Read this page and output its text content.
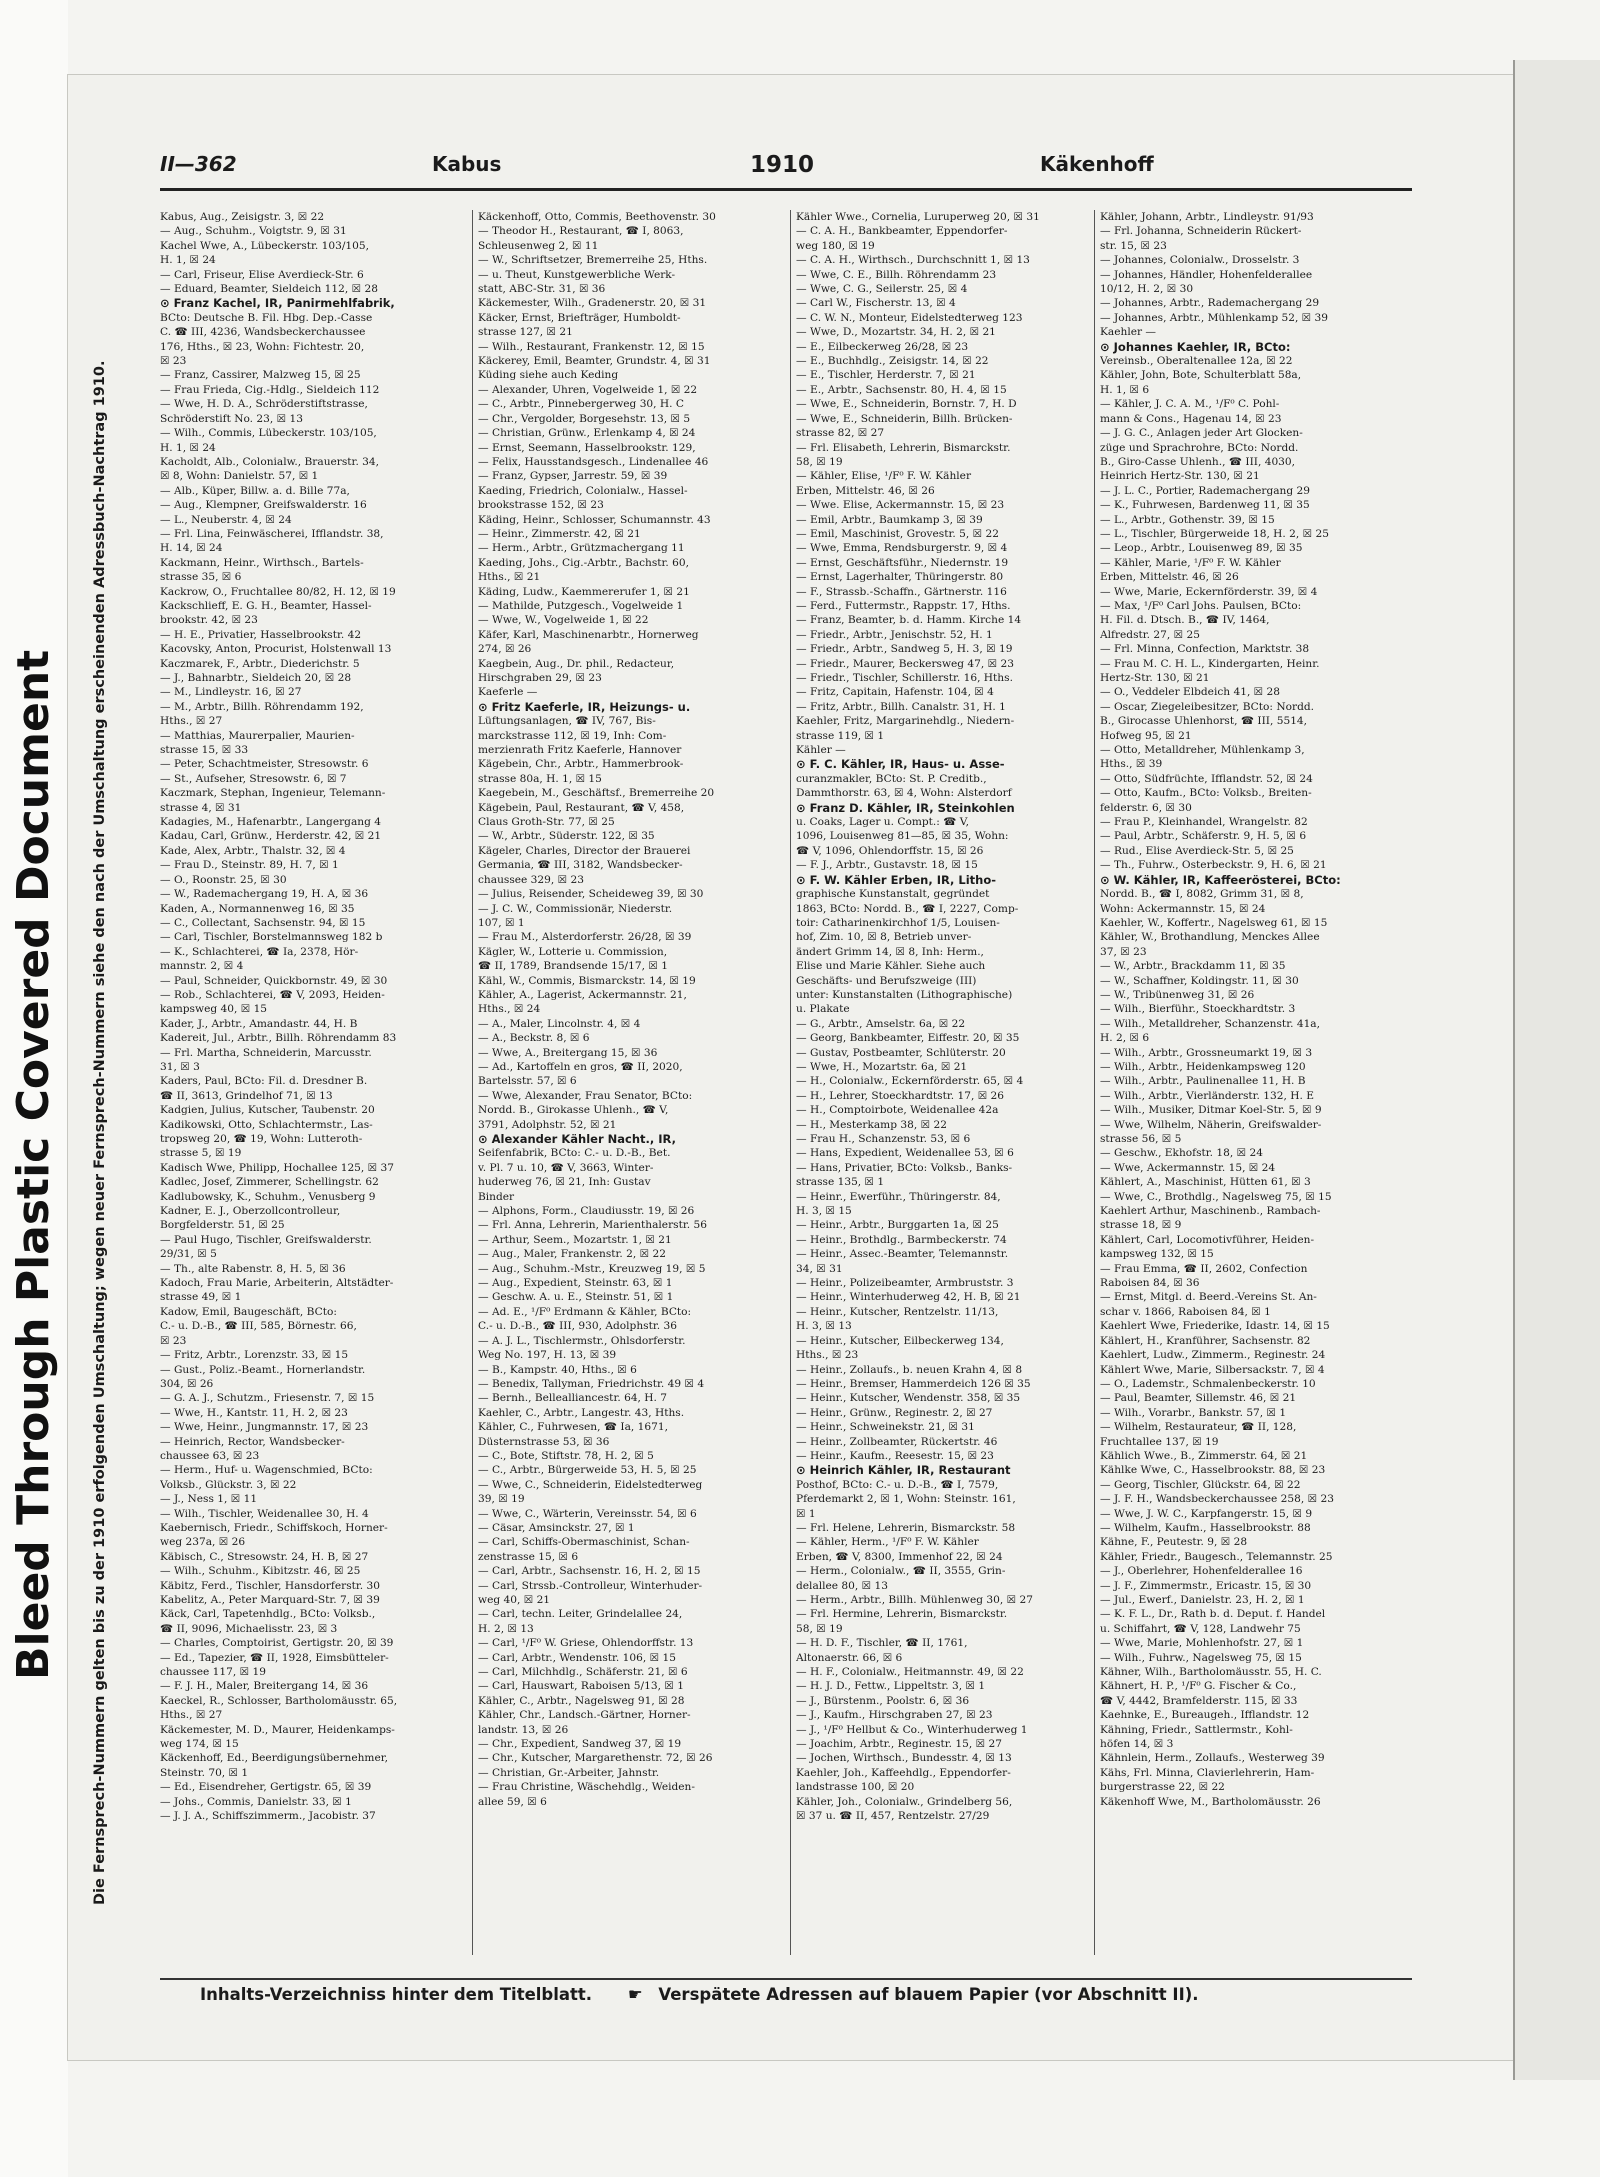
Bleed Through Plastic Covered Document Die Fernsprech-Nummern gelten bis zu der 1910 erfolgenden Umschaltung; wegen neuer Fernsprech-Nummern siehe den nach der Umschaltung erscheinenden Adressbuch-Nachtrag 1910.
II—362	Kabus	1910	Käkenhoff
Kabus, Aug., Zeisigstr. 3, ☒ 22
— Aug., Schuhm., Voigtstr. 9, ☒ 31
Kachel Wwe, A., Lübeckerstr. 103/105,
H. 1, ☒ 24
— Carl, Friseur, Elise Averdieck-Str. 6
— Eduard, Beamter, Sieldeich 112, ☒ 28
⊙ Franz Kachel, IR, Panirmehlfabrik,
BCto: Deutsche B. Fil. Hbg. Dep.-Casse
C. ☎ III, 4236, Wandsbeckerchaussee
176, Hths., ☒ 23, Wohn: Fichtestr. 20,
☒ 23
— Franz, Cassirer, Malzweg 15, ☒ 25
— Frau Frieda, Cig.-Hdlg., Sieldeich 112
— Wwe, H. D. A., Schröderstiftstrasse,
Schröderstift No. 23, ☒ 13
— Wilh., Commis, Lübeckerstr. 103/105,
H. 1, ☒ 24
Kacholdt, Alb., Colonialw., Brauerstr. 34,
☒ 8, Wohn: Danielstr. 57, ☒ 1
— Alb., Küper, Billw. a. d. Bille 77a,
— Aug., Klempner, Greifswalderstr. 16
— L., Neuberstr. 4, ☒ 24
— Frl. Lina, Feinwäscherei, Ifflandstr. 38,
H. 14, ☒ 24
Kackmann, Heinr., Wirthsch., Bartels-
strasse 35, ☒ 6
Kackrow, O., Fruchtallee 80/82, H. 12, ☒ 19
Kackschlieff, E. G. H., Beamter, Hassel-
brookstr. 42, ☒ 23
— H. E., Privatier, Hasselbrookstr. 42
Kacovsky, Anton, Procurist, Holstenwall 13
Kaczmarek, F., Arbtr., Diederichstr. 5
— J., Bahnarbtr., Sieldeich 20, ☒ 28
— M., Lindleystr. 16, ☒ 27
— M., Arbtr., Billh. Röhrendamm 192,
Hths., ☒ 27
— Matthias, Maurerpalier, Maurien-
strasse 15, ☒ 33
— Peter, Schachtmeister, Stresowstr. 6
— St., Aufseher, Stresowstr. 6, ☒ 7
Kaczmark, Stephan, Ingenieur, Telemann-
strasse 4, ☒ 31
Kadagies, M., Hafenarbtr., Langergang 4
Kadau, Carl, Grünw., Herderstr. 42, ☒ 21
Kade, Alex, Arbtr., Thalstr. 32, ☒ 4
— Frau D., Steinstr. 89, H. 7, ☒ 1
— O., Roonstr. 25, ☒ 30
— W., Rademachergang 19, H. A, ☒ 36
Kaden, A., Normannenweg 16, ☒ 35
— C., Collectant, Sachsenstr. 94, ☒ 15
— Carl, Tischler, Borstelmannsweg 182 b
— K., Schlachterei, ☎ Ia, 2378, Hör-
mannstr. 2, ☒ 4
— Paul, Schneider, Quickbornstr. 49, ☒ 30
— Rob., Schlachterei, ☎ V, 2093, Heiden-
kampsweg 40, ☒ 15
Kader, J., Arbtr., Amandastr. 44, H. B
Kadereit, Jul., Arbtr., Billh. Röhrendamm 83
— Frl. Martha, Schneiderin, Marcusstr.
31, ☒ 3
Kaders, Paul, BCto: Fil. d. Dresdner B.
☎ II, 3613, Grindelhof 71, ☒ 13
Kadgien, Julius, Kutscher, Taubenstr. 20
Kadikowski, Otto, Schlachtermstr., Las-
tropsweg 20, ☎ 19, Wohn: Lutteroth-
strasse 5, ☒ 19
Kadisch Wwe, Philipp, Hochallee 125, ☒ 37
Kadlec, Josef, Zimmerer, Schellingstr. 62
Kadlubowsky, K., Schuhm., Venusberg 9
Kadner, E. J., Oberzollcontrolleur,
Borgfelderstr. 51, ☒ 25
— Paul Hugo, Tischler, Greifswalderstr.
29/31, ☒ 5
— Th., alte Rabenstr. 8, H. 5, ☒ 36
Kadoch, Frau Marie, Arbeiterin, Altstädter-
strasse 49, ☒ 1
Kadow, Emil, Baugeschäft, BCto:
C.- u. D.-B., ☎ III, 585, Börnestr. 66,
☒ 23
— Fritz, Arbtr., Lorenzstr. 33, ☒ 15
— Gust., Poliz.-Beamt., Hornerlandstr.
304, ☒ 26
— G. A. J., Schutzm., Friesenstr. 7, ☒ 15
— Wwe, H., Kantstr. 11, H. 2, ☒ 23
— Wwe, Heinr., Jungmannstr. 17, ☒ 23
— Heinrich, Rector, Wandsbecker-
chaussee 63, ☒ 23
— Herm., Huf- u. Wagenschmied, BCto:
Volksb., Glückstr. 3, ☒ 22
— J., Ness 1, ☒ 11
— Wilh., Tischler, Weidenallee 30, H. 4
Kaebernisch, Friedr., Schiffskoch, Horner-
weg 237a, ☒ 26
Käbisch, C., Stresowstr. 24, H. B, ☒ 27
— Wilh., Schuhm., Kibitzstr. 46, ☒ 25
Käbitz, Ferd., Tischler, Hansdorferstr. 30
Kabelitz, A., Peter Marquard-Str. 7, ☒ 39
Käck, Carl, Tapetenhdlg., BCto: Volksb.,
☎ II, 9096, Michaelisstr. 23, ☒ 3
— Charles, Comptoirist, Gertigstr. 20, ☒ 39
— Ed., Tapezier, ☎ II, 1928, Eimsbütteler-
chaussee 117, ☒ 19
— F. J. H., Maler, Breitergang 14, ☒ 36
Kaeckel, R., Schlosser, Bartholomäusstr. 65,
Hths., ☒ 27
Käckemester, M. D., Maurer, Heidenkamps-
weg 174, ☒ 15
Käckenhoff, Ed., Beerdigungsübernehmer,
Steinstr. 70, ☒ 1
— Ed., Eisendreher, Gertigstr. 65, ☒ 39
— Johs., Commis, Danielstr. 33, ☒ 1
— J. J. A., Schiffszimmerm., Jacobistr. 37
Käckenhoff, Otto, Commis, Beethovenstr. 30
— Theodor H., Restaurant, ☎ I, 8063,
Schleusenweg 2, ☒ 11
— W., Schriftsetzer, Bremerreihe 25, Hths.
— u. Theut, Kunstgewerbliche Werk-
statt, ABC-Str. 31, ☒ 36
Käckemester, Wilh., Gradenerstr. 20, ☒ 31
Käcker, Ernst, Briefträger, Humboldt-
strasse 127, ☒ 21
— Wilh., Restaurant, Frankenstr. 12, ☒ 15
Käckerey, Emil, Beamter, Grundstr. 4, ☒ 31
Küding siehe auch Keding
— Alexander, Uhren, Vogelweide 1, ☒ 22
— C., Arbtr., Pinnebergerweg 30, H. C
— Chr., Vergolder, Borgesehstr. 13, ☒ 5
— Christian, Grünw., Erlenkamp 4, ☒ 24
— Ernst, Seemann, Hasselbrookstr. 129,
— Felix, Hausstandsgesch., Lindenallee 46
— Franz, Gypser, Jarrestr. 59, ☒ 39
Kaeding, Friedrich, Colonialw., Hassel-
brookstrasse 152, ☒ 23
Käding, Heinr., Schlosser, Schumannstr. 43
— Heinr., Zimmerstr. 42, ☒ 21
— Herm., Arbtr., Grützmachergang 11
Kaeding, Johs., Cig.-Arbtr., Bachstr. 60,
Hths., ☒ 21
Käding, Ludw., Kaemmererufer 1, ☒ 21
— Mathilde, Putzgesch., Vogelweide 1
— Wwe, W., Vogelweide 1, ☒ 22
Käfer, Karl, Maschinenarbtr., Hornerweg
274, ☒ 26
Kaegbein, Aug., Dr. phil., Redacteur,
Hirschgraben 29, ☒ 23
Kaeferle —
⊙ Fritz Kaeferle, IR, Heizungs- u.
Lüftungsanlagen, ☎ IV, 767, Bis-
marckstrasse 112, ☒ 19, Inh: Com-
merzienrath Fritz Kaeferle, Hannover
Kägebein, Chr., Arbtr., Hammerbrook-
strasse 80a, H. 1, ☒ 15
Kaegebein, M., Geschäftsf., Bremerreihe 20
Kägebein, Paul, Restaurant, ☎ V, 458,
Claus Groth-Str. 77, ☒ 25
— W., Arbtr., Süderstr. 122, ☒ 35
Kägeler, Charles, Director der Brauerei
Germania, ☎ III, 3182, Wandsbecker-
chaussee 329, ☒ 23
— Julius, Reisender, Scheideweg 39, ☒ 30
— J. C. W., Commissionär, Niederstr.
107, ☒ 1
— Frau M., Alsterdorferstr. 26/28, ☒ 39
Kägler, W., Lotterie u. Commission,
☎ II, 1789, Brandsende 15/17, ☒ 1
Kähl, W., Commis, Bismarckstr. 14, ☒ 19
Kähler, A., Lagerist, Ackermannstr. 21,
Hths., ☒ 24
— A., Maler, Lincolnstr. 4, ☒ 4
— A., Beckstr. 8, ☒ 6
— Wwe, A., Breitergang 15, ☒ 36
— Ad., Kartoffeln en gros, ☎ II, 2020,
Bartelsstr. 57, ☒ 6
— Wwe, Alexander, Frau Senator, BCto:
Nordd. B., Girokasse Uhlenh., ☎ V,
3791, Adolphstr. 52, ☒ 21
⊙ Alexander Kähler Nacht., IR,
Seifenfabrik, BCto: C.- u. D.-B., Bet.
v. Pl. 7 u. 10, ☎ V, 3663, Winter-
huderweg 76, ☒ 21, Inh: Gustav
Binder
— Alphons, Form., Claudiusstr. 19, ☒ 26
— Frl. Anna, Lehrerin, Marienthalerstr. 56
— Arthur, Seem., Mozartstr. 1, ☒ 21
— Aug., Maler, Frankenstr. 2, ☒ 22
— Aug., Schuhm.-Mstr., Kreuzweg 19, ☒ 5
— Aug., Expedient, Steinstr. 63, ☒ 1
— Geschw. A. u. E., Steinstr. 51, ☒ 1
— Ad. E., ¹/F⁰ Erdmann & Kähler, BCto:
C.- u. D.-B., ☎ III, 930, Adolphstr. 36
— A. J. L., Tischlermstr., Ohlsdorferstr.
Weg No. 197, H. 13, ☒ 39
— B., Kampstr. 40, Hths., ☒ 6
— Benedix, Tallyman, Friedrichstr. 49 ☒ 4
— Bernh., Belleallianсestr. 64, H. 7
Kaehler, C., Arbtr., Langestr. 43, Hths.
Kähler, C., Fuhrwesen, ☎ Ia, 1671,
Düsternstrasse 53, ☒ 36
— C., Bote, Stiftstr. 78, H. 2, ☒ 5
— C., Arbtr., Bürgerweide 53, H. 5, ☒ 25
— Wwe, C., Schneiderin, Eidelstedterweg
39, ☒ 19
— Wwe, C., Wärterin, Vereinsstr. 54, ☒ 6
— Cäsar, Amsinckstr. 27, ☒ 1
— Carl, Schiffs-Obermaschinist, Schan-
zenstrasse 15, ☒ 6
— Carl, Arbtr., Sachsenstr. 16, H. 2, ☒ 15
— Carl, Strssb.-Controlleur, Winterhuder-
weg 40, ☒ 21
— Carl, techn. Leiter, Grindelallee 24,
H. 2, ☒ 13
— Carl, ¹/F⁰ W. Griese, Ohlendorffstr. 13
— Carl, Arbtr., Wendenstr. 106, ☒ 15
— Carl, Milchhdlg., Schäferstr. 21, ☒ 6
— Carl, Hauswart, Raboisen 5/13, ☒ 1
Kähler, C., Arbtr., Nagelsweg 91, ☒ 28
Kähler, Chr., Landsch.-Gärtner, Horner-
landstr. 13, ☒ 26
— Chr., Expedient, Sandweg 37, ☒ 19
— Chr., Kutscher, Margarethenstr. 72, ☒ 26
— Christian, Gr.-Arbeiter, Jahnstr.
— Frau Christine, Wäschehdlg., Weiden-
allee 59, ☒ 6
Kähler Wwe., Cornelia, Luruperweg 20, ☒ 31
— C. A. H., Bankbeamter, Eppendorfer-
weg 180, ☒ 19
— C. A. H., Wirthsch., Durchschnitt 1, ☒ 13
— Wwe, C. E., Billh. Röhrendamm 23
— Wwe, C. G., Seilerstr. 25, ☒ 4
— Carl W., Fischerstr. 13, ☒ 4
— C. W. N., Monteur, Eidelstedterweg 123
— Wwe, D., Mozartstr. 34, H. 2, ☒ 21
— E., Eilbeckerweg 26/28, ☒ 23
— E., Buchhdlg., Zeisigstr. 14, ☒ 22
— E., Tischler, Herderstr. 7, ☒ 21
— E., Arbtr., Sachsenstr. 80, H. 4, ☒ 15
— Wwe, E., Schneiderin, Bornstr. 7, H. D
— Wwe, E., Schneiderin, Billh. Brücken-
strasse 82, ☒ 27
— Frl. Elisabeth, Lehrerin, Bismarckstr.
58, ☒ 19
— Kähler, Elise, ¹/F⁰ F. W. Kähler
Erben, Mittelstr. 46, ☒ 26
— Wwe. Elise, Ackermannstr. 15, ☒ 23
— Emil, Arbtr., Baumkamp 3, ☒ 39
— Emil, Maschinist, Grovestr. 5, ☒ 22
— Wwe, Emma, Rendsburgerstr. 9, ☒ 4
— Ernst, Geschäftsführ., Niedernstr. 19
— Ernst, Lagerhalter, Thüringerstr. 80
— F., Strassb.-Schaffn., Gärtnerstr. 116
— Ferd., Futtermstr., Rappstr. 17, Hths.
— Franz, Beamter, b. d. Hamm. Kirche 14
— Friedr., Arbtr., Jenischstr. 52, H. 1
— Friedr., Arbtr., Sandweg 5, H. 3, ☒ 19
— Friedr., Maurer, Beckersweg 47, ☒ 23
— Friedr., Tischler, Schillerstr. 16, Hths.
— Fritz, Capitain, Hafenstr. 104, ☒ 4
— Fritz, Arbtr., Billh. Canalstr. 31, H. 1
Kaehler, Fritz, Margarinehdlg., Niedern-
strasse 119, ☒ 1
Kähler —
⊙ F. C. Kähler, IR, Haus- u. Asse-
curanzmakler, BCto: St. P. Creditb.,
Dammthorstr. 63, ☒ 4, Wohn: Alsterdorf
⊙ Franz D. Kähler, IR, Steinkohlen
u. Coaks, Lager u. Compt.: ☎ V,
1096, Louisenweg 81—85, ☒ 35, Wohn:
☎ V, 1096, Ohlendorffstr. 15, ☒ 26
— F. J., Arbtr., Gustavstr. 18, ☒ 15
⊙ F. W. Kähler Erben, IR, Litho-
graphische Kunstanstalt, gegründet
1863, BCto: Nordd. B., ☎ I, 2227, Comp-
toir: Catharinenkirchhof 1/5, Louisen-
hof, Zim. 10, ☒ 8, Betrieb unver-
ändert Grimm 14, ☒ 8, Inh: Herm.,
Elise und Marie Kähler. Siehe auch
Geschäfts- und Berufszweige (III)
unter: Kunstanstalten (Lithographische)
u. Plakate
— G., Arbtr., Amselstr. 6a, ☒ 22
— Georg, Bankbeamter, Eiffestr. 20, ☒ 35
— Gustav, Postbeamter, Schlüterstr. 20
— Wwe, H., Mozartstr. 6a, ☒ 21
— H., Colonialw., Eckernförderstr. 65, ☒ 4
— H., Lehrer, Stoeckhardtstr. 17, ☒ 26
— H., Comptoirbote, Weidenallee 42a
— H., Mesterkamp 38, ☒ 22
— Frau H., Schanzenstr. 53, ☒ 6
— Hans, Expedient, Weidenallee 53, ☒ 6
— Hans, Privatier, BCto: Volksb., Banks-
strasse 135, ☒ 1
— Heinr., Ewerführ., Thüringerstr. 84,
H. 3, ☒ 15
— Heinr., Arbtr., Burggarten 1a, ☒ 25
— Heinr., Brothdlg., Barmbeckerstr. 74
— Heinr., Assec.-Beamter, Telemannstr.
34, ☒ 31
— Heinr., Polizeibeamter, Armbruststr. 3
— Heinr., Winterhuderweg 42, H. B, ☒ 21
— Heinr., Kutscher, Rentzelstr. 11/13,
H. 3, ☒ 13
— Heinr., Kutscher, Eilbeckerweg 134,
Hths., ☒ 23
— Heinr., Zollaufs., b. neuen Krahn 4, ☒ 8
— Heinr., Bremser, Hammerdeich 126 ☒ 35
— Heinr., Kutscher, Wendenstr. 358, ☒ 35
— Heinr., Grünw., Reginestr. 2, ☒ 27
— Heinr., Schweinekstr. 21, ☒ 31
— Heinr., Zollbeamter, Rückertstr. 46
— Heinr., Kaufm., Reesestr. 15, ☒ 23
⊙ Heinrich Kähler, IR, Restaurant
Posthof, BCto: C.- u. D.-B., ☎ I, 7579,
Pferdemarkt 2, ☒ 1, Wohn: Steinstr. 161,
☒ 1
— Frl. Helene, Lehrerin, Bismarckstr. 58
— Kähler, Herm., ¹/F⁰ F. W. Kähler
Erben, ☎ V, 8300, Immenhof 22, ☒ 24
— Herm., Colonialw., ☎ II, 3555, Grin-
delallee 80, ☒ 13
— Herm., Arbtr., Billh. Mühlenweg 30, ☒ 27
— Frl. Hermine, Lehrerin, Bismarckstr.
58, ☒ 19
— H. D. F., Tischler, ☎ II, 1761,
Altonaerstr. 66, ☒ 6
— H. F., Colonialw., Heitmannstr. 49, ☒ 22
— H. J. D., Fettw., Lippeltstr. 3, ☒ 1
— J., Bürstenm., Poolstr. 6, ☒ 36
— J., Kaufm., Hirschgraben 27, ☒ 23
— J., ¹/F⁰ Hellbut & Co., Winterhuderweg 1
— Joachim, Arbtr., Reginestr. 15, ☒ 27
— Jochen, Wirthsch., Bundesstr. 4, ☒ 13
Kaehler, Joh., Kaffeehdlg., Eppendorfer-
landstrasse 100, ☒ 20
Kähler, Joh., Colonialw., Grindelberg 56,
☒ 37 u. ☎ II, 457, Rentzelstr. 27/29
Kähler, Johann, Arbtr., Lindleystr. 91/93
— Frl. Johanna, Schneiderin Rückert-
str. 15, ☒ 23
— Johannes, Colonialw., Drosselstr. 3
— Johannes, Händler, Hohenfelderallee
10/12, H. 2, ☒ 30
— Johannes, Arbtr., Rademachergang 29
— Johannes, Arbtr., Mühlenkamp 52, ☒ 39
Kaehler —
⊙ Johannes Kaehler, IR, BCto:
Vereinsb., Oberaltenallee 12a, ☒ 22
Kähler, John, Bote, Schulterblatt 58a,
H. 1, ☒ 6
— Kähler, J. C. A. M., ¹/F⁰ C. Pohl-
mann & Cons., Hagenau 14, ☒ 23
— J. G. C., Anlagen jeder Art Glocken-
züge und Sprachrohre, BCto: Nordd.
B., Giro-Casse Uhlenh., ☎ III, 4030,
Heinrich Hertz-Str. 130, ☒ 21
— J. L. C., Portier, Rademachergang 29
— K., Fuhrwesen, Bardenweg 11, ☒ 35
— L., Arbtr., Gothenstr. 39, ☒ 15
— L., Tischler, Bürgerweide 18, H. 2, ☒ 25
— Leop., Arbtr., Louisenweg 89, ☒ 35
— Kähler, Marie, ¹/F⁰ F. W. Kähler
Erben, Mittelstr. 46, ☒ 26
— Wwe, Marie, Eckernförderstr. 39, ☒ 4
— Max, ¹/F⁰ Carl Johs. Paulsen, BCto:
H. Fil. d. Dtsch. B., ☎ IV, 1464,
Alfredstr. 27, ☒ 25
— Frl. Minna, Confection, Marktstr. 38
— Frau M. C. H. L., Kindergarten, Heinr.
Hertz-Str. 130, ☒ 21
— O., Veddeler Elbdeich 41, ☒ 28
— Oscar, Ziegeleibesitzer, BCto: Nordd.
B., Girocasse Uhlenhorst, ☎ III, 5514,
Hofweg 95, ☒ 21
— Otto, Metalldreher, Mühlenkamp 3,
Hths., ☒ 39
— Otto, Südfrüchte, Ifflandstr. 52, ☒ 24
— Otto, Kaufm., BCto: Volksb., Breiten-
felderstr. 6, ☒ 30
— Frau P., Kleinhandel, Wrangelstr. 82
— Paul, Arbtr., Schäferstr. 9, H. 5, ☒ 6
— Rud., Elise Averdieck-Str. 5, ☒ 25
— Th., Fuhrw., Osterbeckstr. 9, H. 6, ☒ 21
⊙ W. Kähler, IR, Kaffeerösterei, BCto:
Nordd. B., ☎ I, 8082, Grimm 31, ☒ 8,
Wohn: Ackermannstr. 15, ☒ 24
Kaehler, W., Koffertr., Nagelsweg 61, ☒ 15
Kähler, W., Brothandlung, Menckes Allee
37, ☒ 23
— W., Arbtr., Brackdamm 11, ☒ 35
— W., Schaffner, Koldingstr. 11, ☒ 30
— W., Tribünenweg 31, ☒ 26
— Wilh., Bierführ., Stoeckhardtstr. 3
— Wilh., Metalldreher, Schanzenstr. 41a,
H. 2, ☒ 6
— Wilh., Arbtr., Grossneumarkt 19, ☒ 3
— Wilh., Arbtr., Heidenkampsweg 120
— Wilh., Arbtr., Paulinenallee 11, H. B
— Wilh., Arbtr., Vierländerstr. 132, H. E
— Wilh., Musiker, Ditmar Koel-Str. 5, ☒ 9
— Wwe, Wilhelm, Näherin, Greifswalder-
strasse 56, ☒ 5
— Geschw., Ekhofstr. 18, ☒ 24
— Wwe, Ackermannstr. 15, ☒ 24
Kählert, A., Maschinist, Hütten 61, ☒ 3
— Wwe, C., Brothdlg., Nagelsweg 75, ☒ 15
Kaehlert Arthur, Maschinenb., Rambach-
strasse 18, ☒ 9
Kählert, Carl, Locomotivführer, Heiden-
kampsweg 132, ☒ 15
— Frau Emma, ☎ II, 2602, Confection
Raboisen 84, ☒ 36
— Ernst, Mitgl. d. Beerd.-Vereins St. An-
schar v. 1866, Raboisen 84, ☒ 1
Kaehlert Wwe, Friederike, Idastr. 14, ☒ 15
Kählert, H., Kranführer, Sachsenstr. 82
Kaehlert, Ludw., Zimmerm., Reginestr. 24
Kählert Wwe, Marie, Silbersackstr. 7, ☒ 4
— O., Lademstr., Schmalenbeckerstr. 10
— Paul, Beamter, Sillemstr. 46, ☒ 21
— Wilh., Vorarbr., Bankstr. 57, ☒ 1
— Wilhelm, Restaurateur, ☎ II, 128,
Fruchtallee 137, ☒ 19
Kählich Wwe., B., Zimmerstr. 64, ☒ 21
Kählke Wwe, C., Hasselbrookstr. 88, ☒ 23
— Georg, Tischler, Glückstr. 64, ☒ 22
— J. F. H., Wandsbeckerchaussee 258, ☒ 23
— Wwe, J. W. C., Karpfangerstr. 15, ☒ 9
— Wilhelm, Kaufm., Hasselbrookstr. 88
Kähne, F., Peutestr. 9, ☒ 28
Kähler, Friedr., Baugesch., Telemannstr. 25
— J., Oberlehrer, Hohenfelderallee 16
— J. F., Zimmermstr., Ericastr. 15, ☒ 30
— Jul., Ewerf., Danielstr. 23, H. 2, ☒ 1
— K. F. L., Dr., Rath b. d. Deput. f. Handel
u. Schiffahrt, ☎ V, 128, Landwehr 75
— Wwe, Marie, Mohlenhofstr. 27, ☒ 1
— Wilh., Fuhrw., Nagelsweg 75, ☒ 15
Kähner, Wilh., Bartholomäusstr. 55, H. C.
Kähnert, H. P., ¹/F⁰ G. Fischer & Co.,
☎ V, 4442, Bramfelderstr. 115, ☒ 33
Kaehnke, E., Bureaugeh., Ifflandstr. 12
Kähning, Friedr., Sattlermstr., Kohl-
höfen 14, ☒ 3
Kähnlein, Herm., Zollaufs., Westerweg 39
Kähs, Frl. Minna, Clavierlehrerin, Ham-
burgerstrasse 22, ☒ 22
Käkenhoff Wwe, M., Bartholomäusstr. 26
Inhalts-Verzeichniss hinter dem Titelblatt. ☛ Verspätete Adressen auf blauem Papier (vor Abschnitt II).
